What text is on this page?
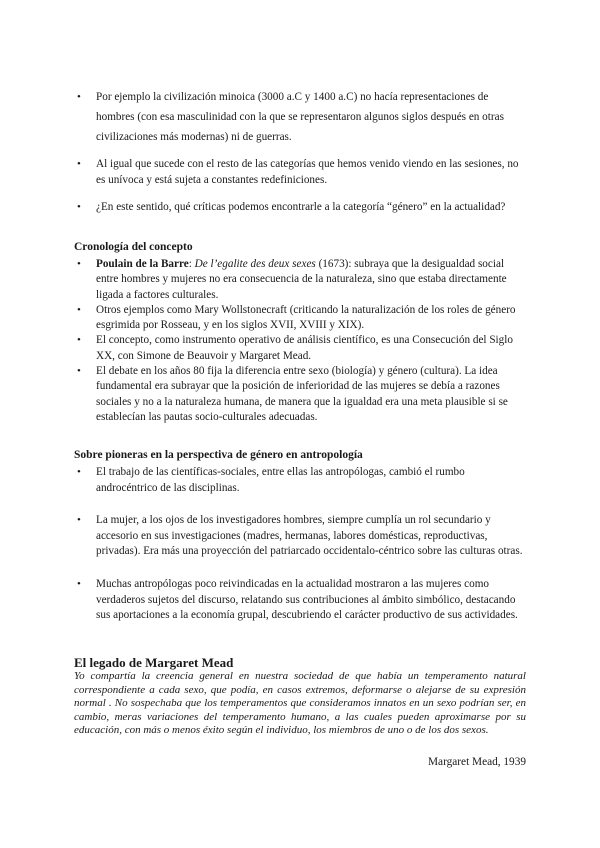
• Por ejemplo la civilización minoica (3000 a.C y 1400 a.C) no hacía representaciones de hombres (con esa masculinidad con la que se representaron algunos siglos después en otras civilizaciones más modernas) ni de guerras.
• Al igual que sucede con el resto de las categorías que hemos venido viendo en las sesiones, no es unívoca y está sujeta a constantes redefiniciones.
• ¿En este sentido, qué críticas podemos encontrarle a la categoría “género” en la actualidad?
Cronología del concepto
• Poulain de la Barre: De l’egalite des deux sexes (1673): subraya que la desigualdad social entre hombres y mujeres no era consecuencia de la naturaleza, sino que estaba directamente ligada a factores culturales.
• Otros ejemplos como Mary Wollstonecraft (criticando la naturalización de los roles de género esgrimida por Rosseau, y en los siglos XVII, XVIII y XIX).
• El concepto, como instrumento operativo de análisis científico, es una Consecución del Siglo XX, con Simone de Beauvoir y Margaret Mead.
• El debate en los años 80 fija la diferencia entre sexo (biología) y género (cultura). La idea fundamental era subrayar que la posición de inferioridad de las mujeres se debía a razones sociales y no a la naturaleza humana, de manera que la igualdad era una meta plausible si se establecían las pautas socio-culturales adecuadas.
Sobre pioneras en la perspectiva de género en antropología
• El trabajo de las científicas-sociales, entre ellas las antropólogas, cambió el rumbo androcéntrico de las disciplinas.
• La mujer, a los ojos de los investigadores hombres, siempre cumplía un rol secundario y accesorio en sus investigaciones (madres, hermanas, labores domésticas, reproductivas, privadas). Era más una proyección del patriarcado occidentalo-céntrico sobre las culturas otras.
• Muchas antropólogas poco reivindicadas en la actualidad mostraron a las mujeres como verdaderos sujetos del discurso, relatando sus contribuciones al ámbito simbólico, destacando sus aportaciones a la economía grupal, descubriendo el carácter productivo de sus actividades.
El legado de Margaret Mead
Yo compartía la creencia general en nuestra sociedad de que había un temperamento natural correspondiente a cada sexo, que podía, en casos extremos, deformarse o alejarse de su expresión normal . No sospechaba que los temperamentos que consideramos innatos en un sexo podrían ser, en cambio, meras variaciones del temperamento humano, a las cuales pueden aproximarse por su educación, con más o menos éxito según el individuo, los miembros de uno o de los dos sexos.
Margaret Mead, 1939
